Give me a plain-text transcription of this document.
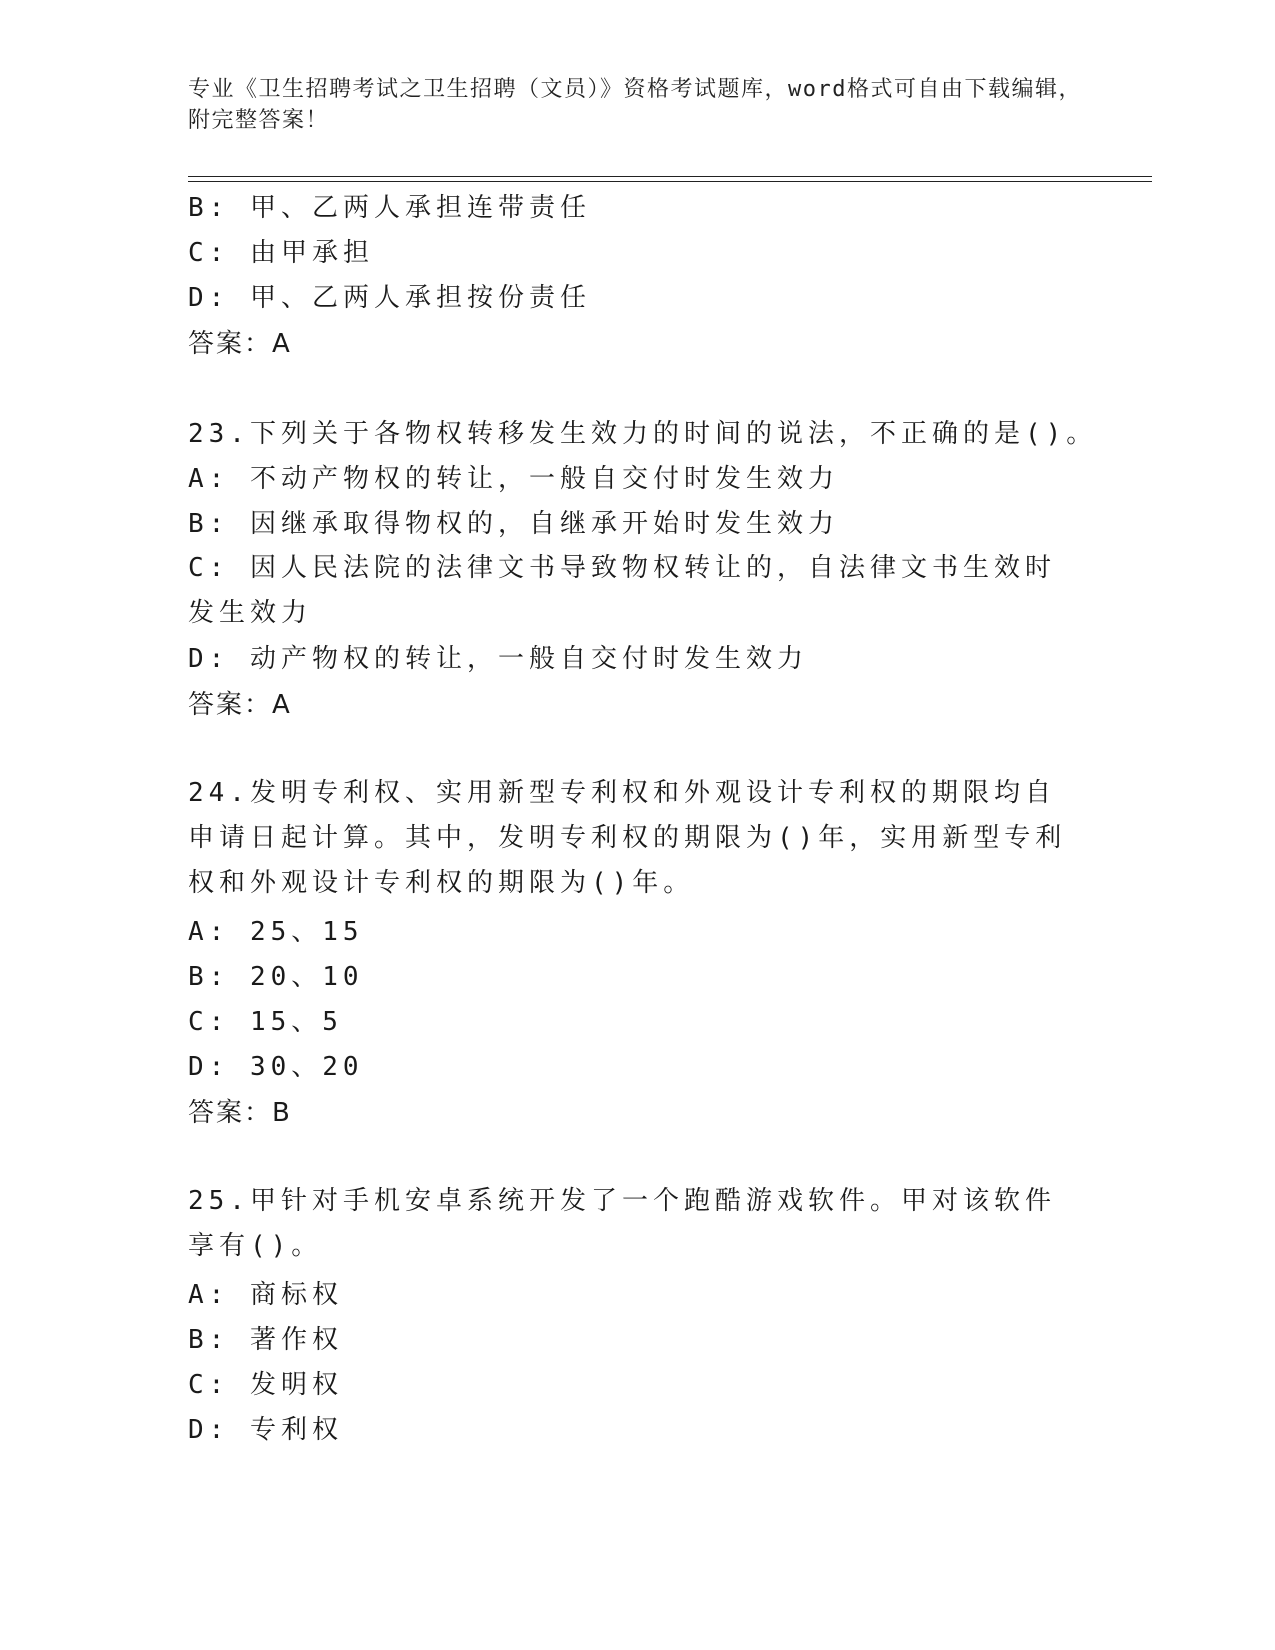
专业《卫生招聘考试之卫生招聘（文员）》资格考试题库，word格式可自由下载编辑，附完整答案！
B: 甲、乙两人承担连带责任
C: 由甲承担
D: 甲、乙两人承担按份责任
答案：A
23.下列关于各物权转移发生效力的时间的说法，不正确的是()。
A: 不动产物权的转让，一般自交付时发生效力
B: 因继承取得物权的，自继承开始时发生效力
C: 因人民法院的法律文书导致物权转让的，自法律文书生效时发生效力
D: 动产物权的转让，一般自交付时发生效力
答案：A
24.发明专利权、实用新型专利权和外观设计专利权的期限均自申请日起计算。其中，发明专利权的期限为()年，实用新型专利权和外观设计专利权的期限为()年。
A: 25、15
B: 20、10
C: 15、5
D: 30、20
答案：B
25.甲针对手机安卓系统开发了一个跑酷游戏软件。甲对该软件享有()。
A: 商标权
B: 著作权
C: 发明权
D: 专利权
